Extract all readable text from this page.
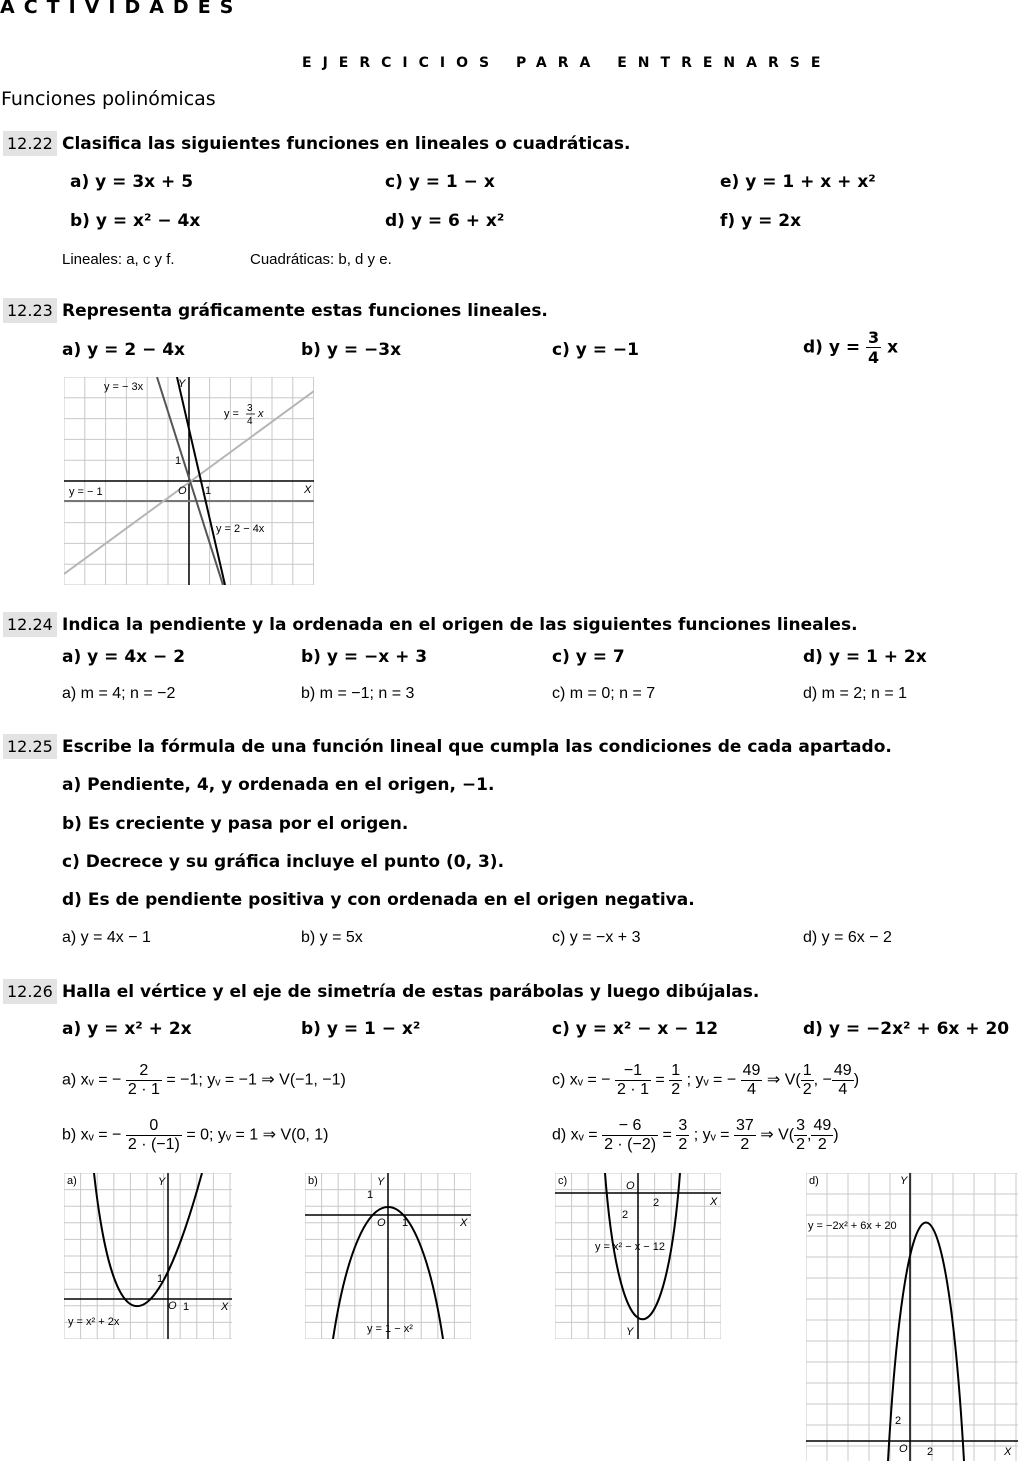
ACTIVIDADES
EJERCICIOS PARA ENTRENARSE
Funciones polinómicas
12.22 Clasifica las siguientes funciones en lineales o cuadráticas.
a) y = 3x + 5	c) y = 1 − x	e) y = 1 + x + x²
b) y = x² − 4x	d) y = 6 + x²	f) y = 2x
Lineales: a, c y f.	Cuadráticas: b, d y e.
12.23 Representa gráficamente estas funciones lineales.
a) y = 2 − 4x	b) y = −3x	c) y = −1	d) $y = \frac{3}{4}$ x
y = − 3x
y = 3
4
x
y = − 1
y = 2 − 4x
Y
X
O
1
1
12.24 Indica la pendiente y la ordenada en el origen de las siguientes funciones lineales.
a) y = 4x − 2	b) y = −x + 3	c) y = 7	d) y = 1 + 2x
a) m = 4; n = −2	b) m = −1; n = 3	c) m = 0; n = 7	d) m = 2; n = 1
12.25 Escribe la fórmula de una función lineal que cumpla las condiciones de cada apartado.
a) Pendiente, 4, y ordenada en el origen, −1.
b) Es creciente y pasa por el origen.
c) Decrece y su gráfica incluye el punto (0, 3).
d) Es de pendiente positiva y con ordenada en el origen negativa.
a) y = 4x − 1	b) y = 5x	c) y = −x + 3	d) y = 6x − 2
12.26 Halla el vértice y el eje de simetría de estas parábolas y luego dibújalas.
a) y = x² + 2x	b) y = 1 − x²	c) y = x² − x − 12	d) y = −2x² + 6x + 20
a) xᵥ = − $\frac{2}{2 \cdot 1} = -1$; yᵥ = −1 ⇒ V(−1, −1)
b) xᵥ = − $\frac{0}{2 \cdot (-1)} = 0$; yᵥ = 1 ⇒ V(0, 1)
c) xᵥ = − $\frac{-1}{2 \cdot 1} = \frac{1}{2}$ ; yᵥ = − $\frac{49}{4}$ ⇒ $V( \frac{1}{2}$ , − $\frac{49}{4}$ )
d) xᵥ = $\frac{- 6}{2 \cdot (-2)} = \frac{3}{2}$ ; yᵥ = $\frac{37}{2}$ ⇒ $V( \frac{3}{2}$ , $\frac{49}{2}$ )
a)	Y
X
O
1
1
y = x² + 2x
b)	Y
X
O
1
1
y = 1 − x²
c)
Y
X
O
2
2
y = x² − x − 12
d)	Y
X
O
2
2
y = −2x² + 6x + 20
